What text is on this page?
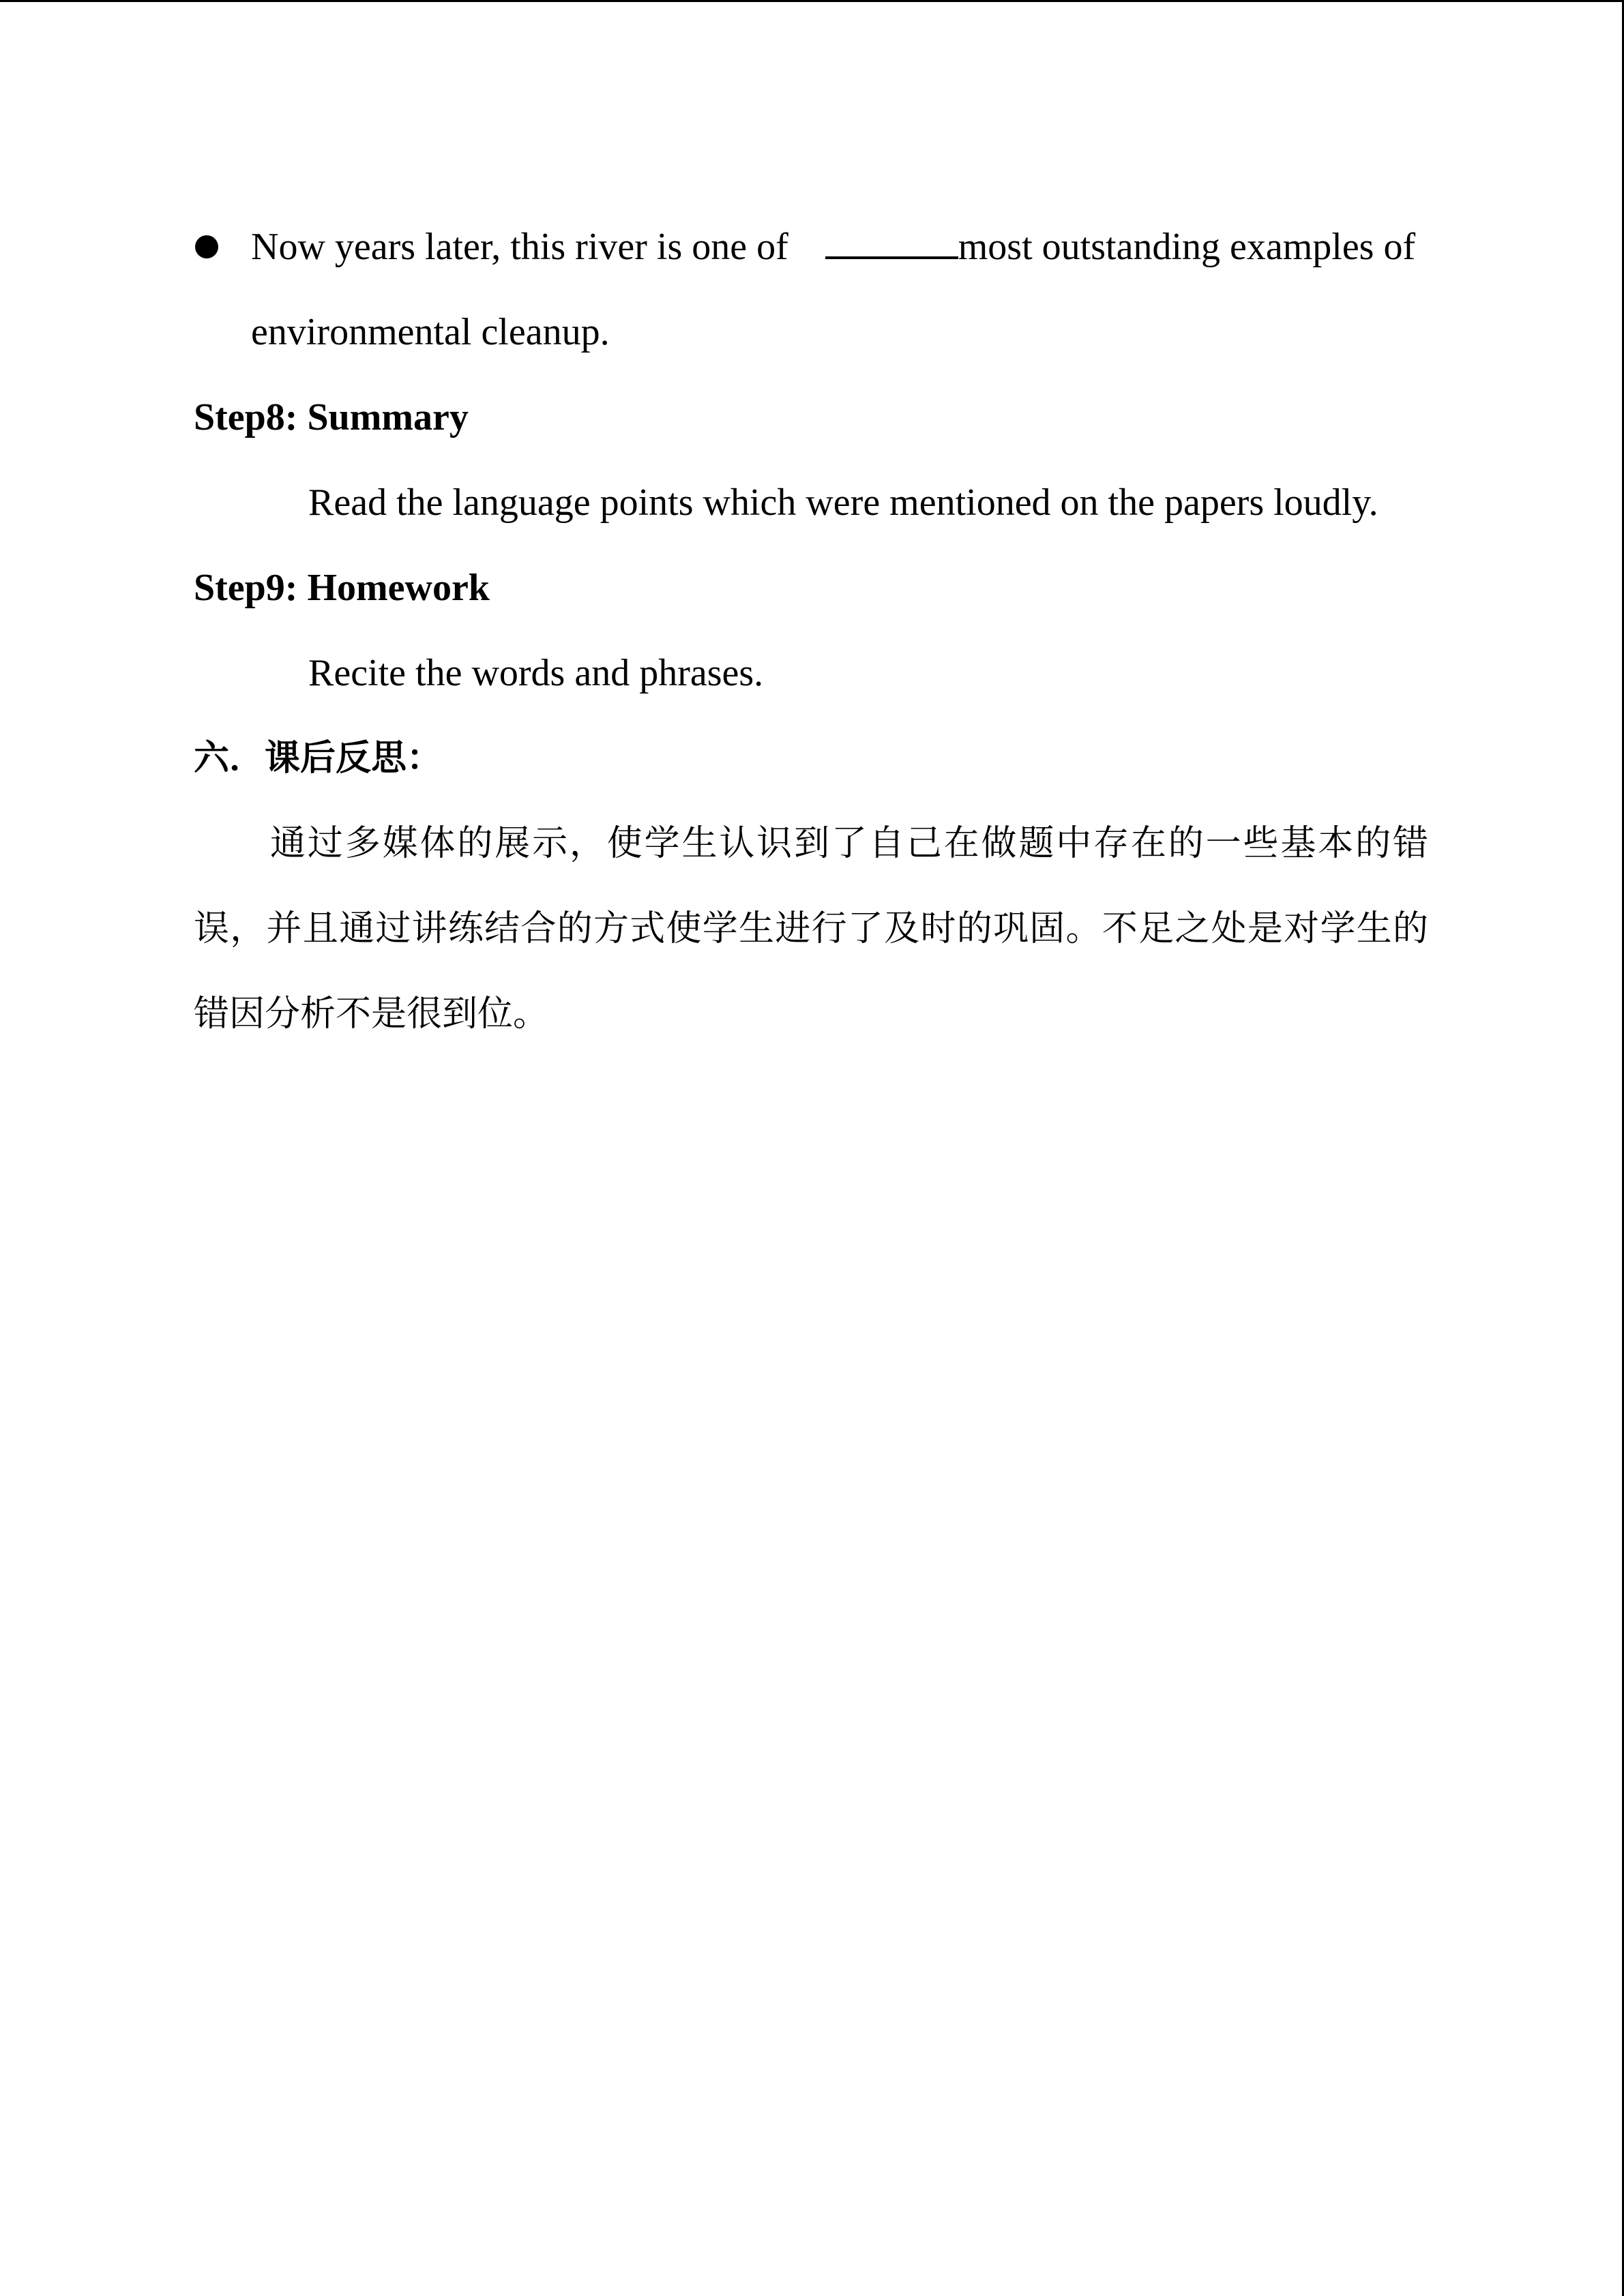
Now years later, this river is one of	most outstanding examples of
environmental cleanup.
Step8: Summary
Read the language points which were mentioned on the papers loudly.
Step9: Homework
Recite the words and phrases.
六．课后反思：
通过多媒体的展示，使学生认识到了自己在做题中存在的一些基本的错误，并且通过讲练结合的方式使学生进行了及时的巩固。不足之处是对学生的错因分析不是很到位。
